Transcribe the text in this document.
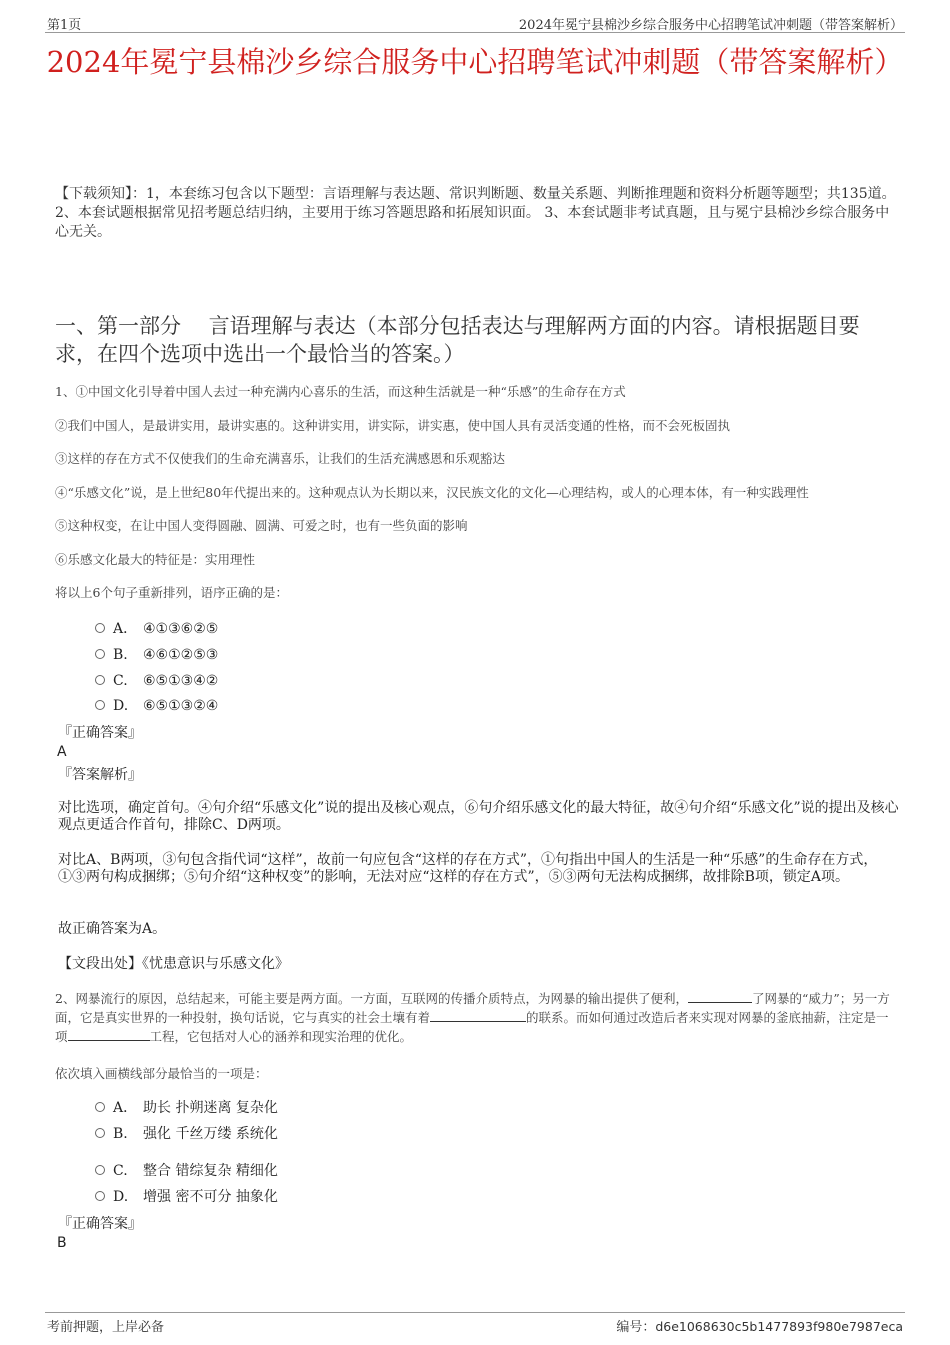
第1页	2024年冕宁县棉沙乡综合服务中心招聘笔试冲刺题（带答案解析）
2024年冕宁县棉沙乡综合服务中心招聘笔试冲刺题（带答案解析）
【下载须知】：1，本套练习包含以下题型：言语理解与表达题、常识判断题、数量关系题、判断推理题和资料分析题等题型；共135道。 2、本套试题根据常见招考题总结归纳，主要用于练习答题思路和拓展知识面。 3、本套试题非考试真题，且与冕宁县棉沙乡综合服务中心无关。
一、第一部分　 言语理解与表达（本部分包括表达与理解两方面的内容。请根据题目要求，在四个选项中选出一个最恰当的答案。）
1、①中国文化引导着中国人去过一种充满内心喜乐的生活，而这种生活就是一种“乐感”的生命存在方式
②我们中国人，是最讲实用，最讲实惠的。这种讲实用，讲实际，讲实惠，使中国人具有灵活变通的性格，而不会死板固执
③这样的存在方式不仅使我们的生命充满喜乐，让我们的生活充满感恩和乐观豁达
④“乐感文化”说，是上世纪80年代提出来的。这种观点认为长期以来，汉民族文化的文化—心理结构，或人的心理本体，有一种实践理性
⑤这种权变，在让中国人变得圆融、圆满、可爱之时，也有一些负面的影响
⑥乐感文化最大的特征是：实用理性
将以上6个句子重新排列，语序正确的是：
A． ④①③⑥②⑤
B. ④⑥①②⑤③
C. ⑥⑤①③④②
D. ⑥⑤①③②④
『正确答案』
A
『答案解析』
对比选项，确定首句。④句介绍“乐感文化”说的提出及核心观点，⑥句介绍乐感文化的最大特征，故④句介绍“乐感文化”说的提出及核心观点更适合作首句，排除C、D两项。
对比A、B两项，③句包含指代词“这样”，故前一句应包含“这样的存在方式”，①句指出中国人的生活是一种“乐感”的生命存在方式，①③两句构成捆绑；⑤句介绍“这种权变”的影响，无法对应“这样的存在方式”，⑤③两句无法构成捆绑，故排除B项，锁定A项。
故正确答案为A。
【文段出处】《忧患意识与乐感文化》
2、网暴流行的原因，总结起来，可能主要是两方面。一方面，互联网的传播介质特点，为网暴的输出提供了便利，	了网暴的“威力”；另一方面，它是真实世界的一种投射，换句话说，它与真实的社会土壤有着	的联系。而如何通过改造后者来实现对网暴的釜底抽薪，注定是一项	工程，它包括对人心的涵养和现实治理的优化。
依次填入画横线部分最恰当的一项是：
A． 助长 扑朔迷离 复杂化
B. 强化 千丝万缕 系统化
C. 整合 错综复杂 精细化
D. 增强 密不可分 抽象化
『正确答案』
B
考前押题，上岸必备	编号：d6e1068630c5b1477893f980e7987eca
